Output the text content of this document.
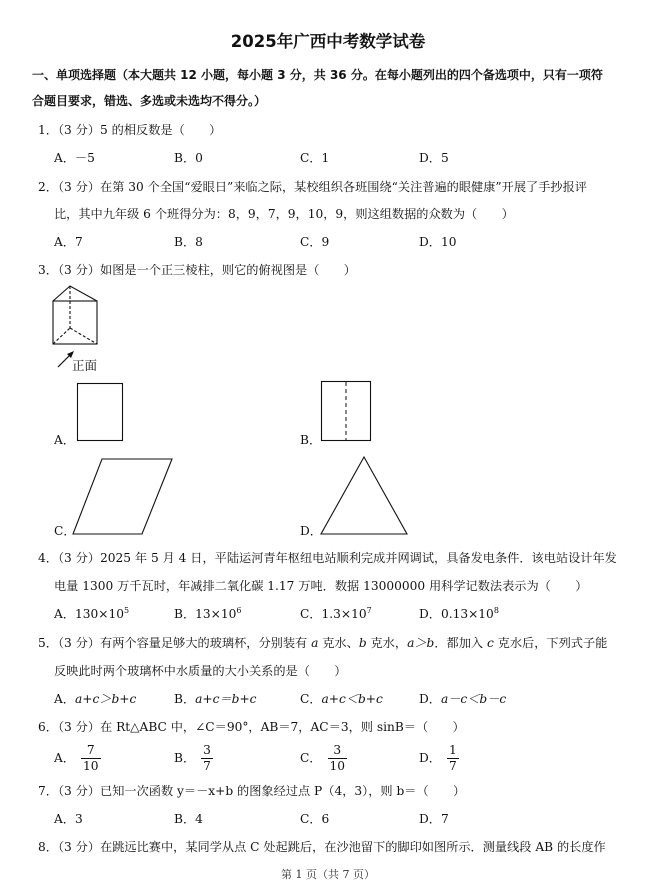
2025年广西中考数学试卷
一、单项选择题（本大题共 12 小题，每小题 3 分，共 36 分。在每小题列出的四个备选项中，只有一项符
合题目要求，错选、多选或未选均不得分。）
1．（3 分）5 的相反数是（　　）
A．－5	B．0	C．1	D．5
2．（3 分）在第 30 个全国“爱眼日”来临之际，某校组织各班围绕“关注普遍的眼健康”开展了手抄报评
比，其中九年级 6 个班得分为：8，9，7，9，10，9，则这组数据的众数为（　　）
A．7	B．8	C．9	D．10
3．（3 分）如图是一个正三棱柱，则它的俯视图是（　　）
正面
A．	B．
C．	D．
4．（3 分）2025 年 5 月 4 日，平陆运河青年枢纽电站顺利完成并网调试，具备发电条件．该电站设计年发
电量 1300 万千瓦时，年减排二氧化碳 1.17 万吨．数据 13000000 用科学记数法表示为（　　）
A．$130\times 10^5$	B．$13\times 10^6$	C．$1.3\times 10^7$	D．$0.13\times 10^8$
5．（3 分）有两个容量足够大的玻璃杯，分别装有 a 克水、b 克水，a＞b．都加入 c 克水后，下列式子能
反映此时两个玻璃杯中水质量的大小关系的是（　　）
A．a+c＞b+c	B．a+c＝b+c	C．a+c＜b+c	D．a－c＜b－c
6．（3 分）在 Rt△ABC 中，∠C＝90°，AB＝7，AC＝3，则 sinB＝（　　）
A． $\frac{7}{10}$	B． $\frac{3}{7}$	C． $\frac{3}{10}$	D． $\frac{1}{7}$
7．（3 分）已知一次函数 y＝－x+b 的图象经过点 P（4，3），则 b＝（　　）
A．3	B．4	C．6	D．7
8．（3 分）在跳远比赛中，某同学从点 C 处起跳后，在沙池留下的脚印如图所示．测量线段 AB 的长度作
第 1 页（共 7 页）
